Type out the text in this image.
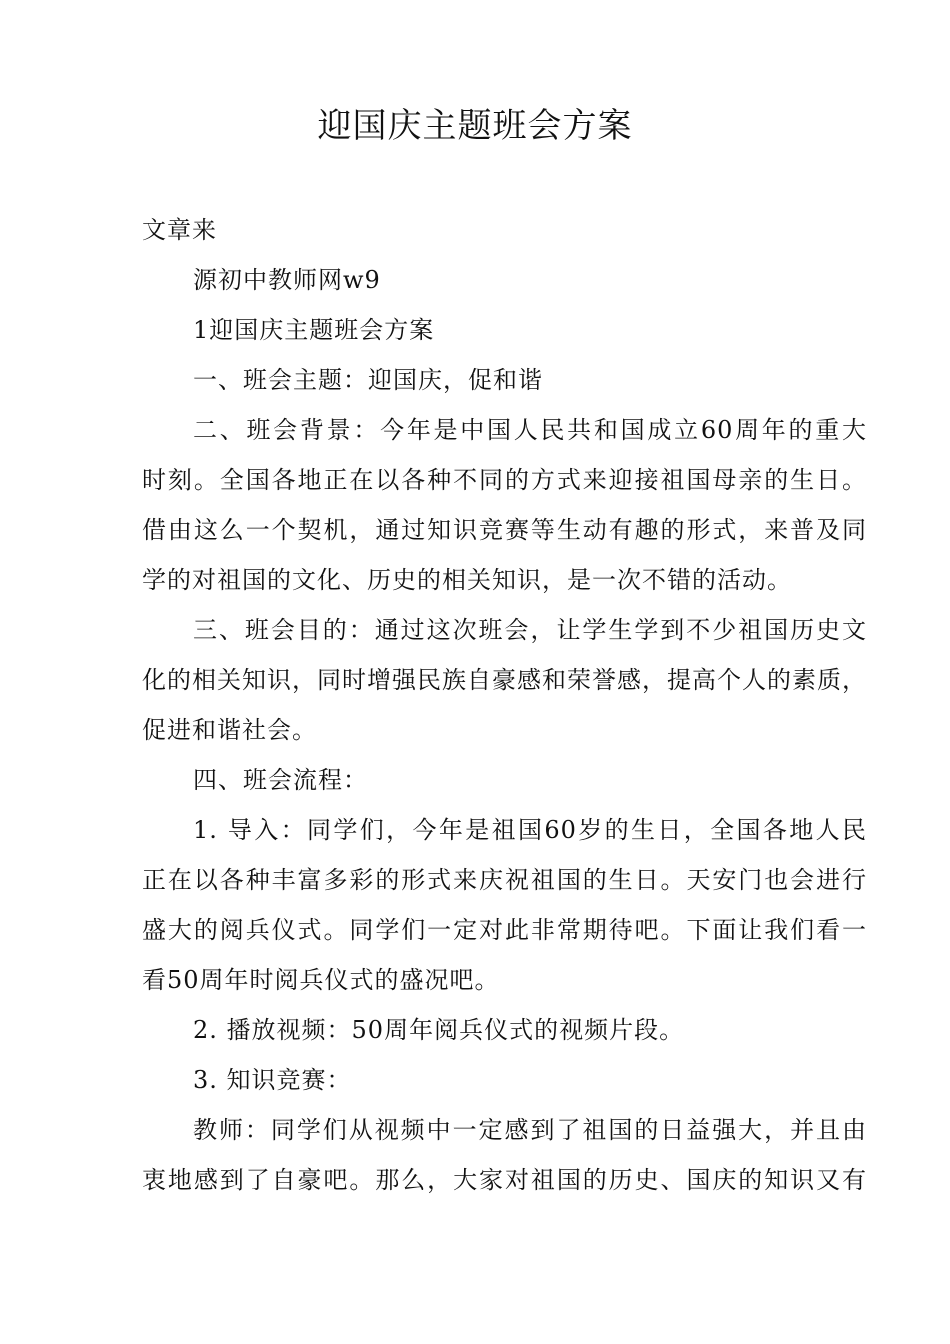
迎国庆主题班会方案
文章来
源初中教师网w9
1迎国庆主题班会方案
一、班会主题：迎国庆，促和谐
二、班会背景：今年是中国人民共和国成立60周年的重大
时刻。全国各地正在以各种不同的方式来迎接祖国母亲的生日。
借由这么一个契机，通过知识竞赛等生动有趣的形式，来普及同
学的对祖国的文化、历史的相关知识，是一次不错的活动。
三、班会目的：通过这次班会，让学生学到不少祖国历史文
化的相关知识，同时增强民族自豪感和荣誉感，提高个人的素质，
促进和谐社会。
四、班会流程：
1. 导入：同学们，今年是祖国60岁的生日，全国各地人民
正在以各种丰富多彩的形式来庆祝祖国的生日。天安门也会进行
盛大的阅兵仪式。同学们一定对此非常期待吧。下面让我们看一
看50周年时阅兵仪式的盛况吧。
2. 播放视频：50周年阅兵仪式的视频片段。
3. 知识竞赛：
教师：同学们从视频中一定感到了祖国的日益强大，并且由
衷地感到了自豪吧。那么，大家对祖国的历史、国庆的知识又有
